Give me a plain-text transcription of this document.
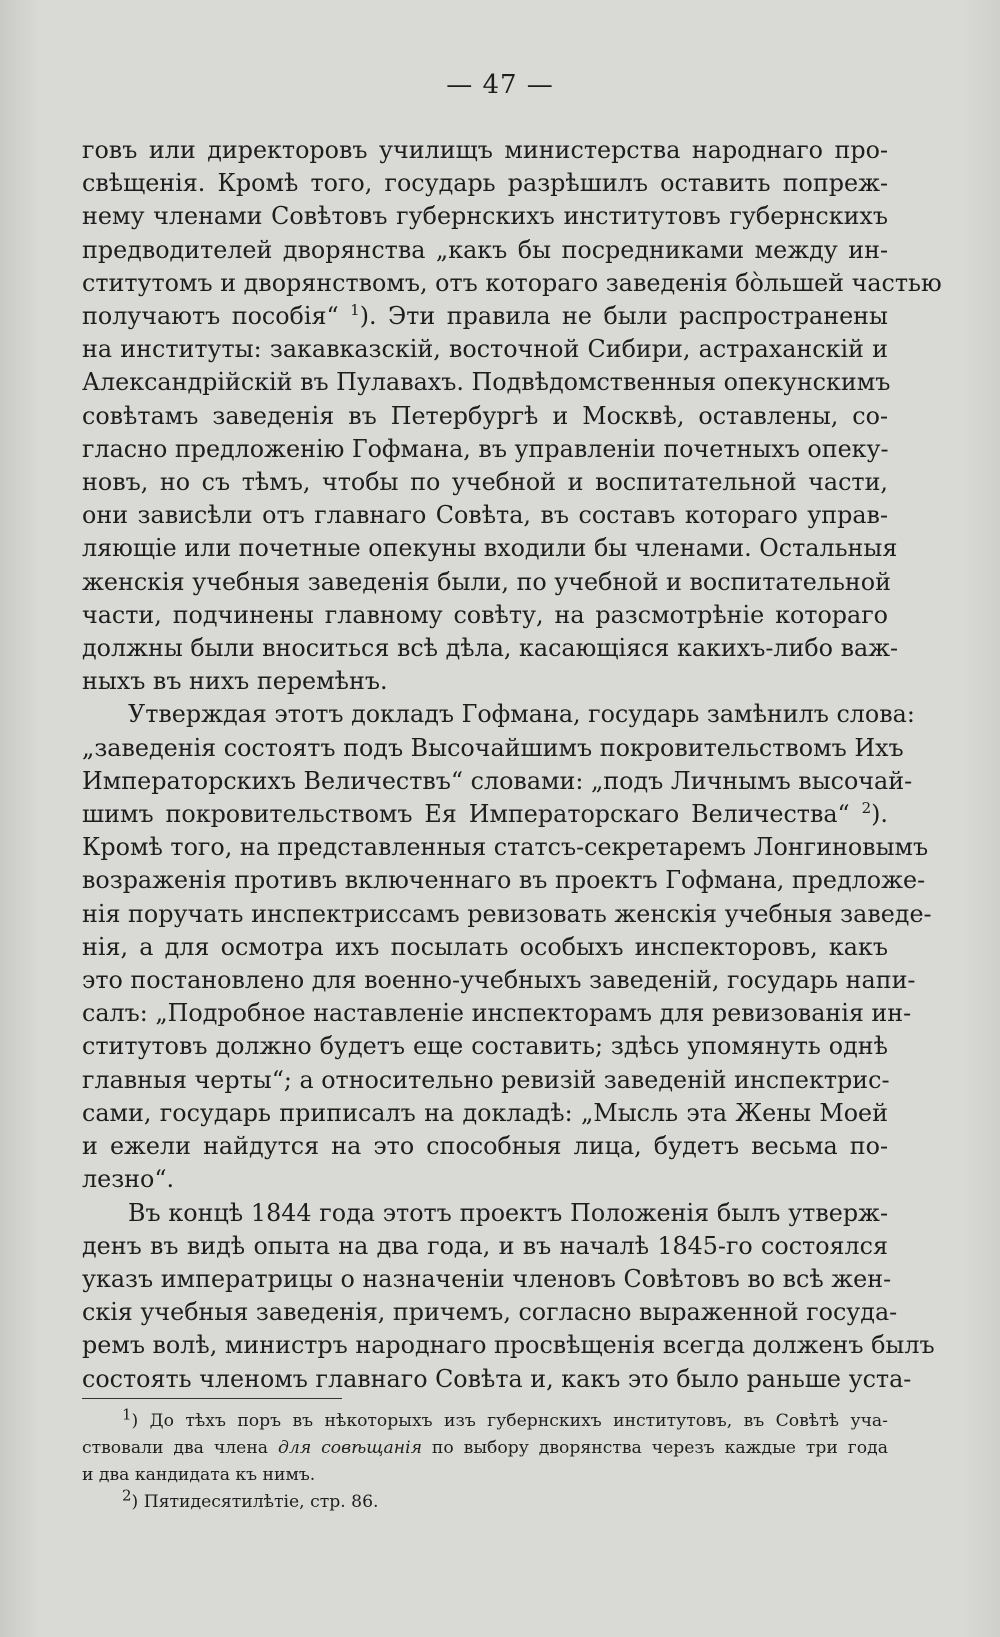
— 47 —
говъ или директоровъ училищъ министерства народнаго про-
свѣщенія. Кромѣ того, государь разрѣшилъ оставить попреж-
нему членами Совѣтовъ губернскихъ институтовъ губернскихъ
предводителей дворянства „какъ бы посредниками между ин-
ститутомъ и дворянствомъ, отъ котораго заведенія бо̀льшей частью
получаютъ пособія“ $^1$). Эти правила не были распространены
на институты: закавказскій, восточной Сибири, астраханскій и
Александрійскій въ Пулавахъ. Подвѣдомственныя опекунскимъ
совѣтамъ заведенія въ Петербургѣ и Москвѣ, оставлены, со-
гласно предложенію Гофмана, въ управленіи почетныхъ опеку-
новъ, но съ тѣмъ, чтобы по учебной и воспитательной части,
они зависѣли отъ главнаго Совѣта, въ составъ котораго управ-
ляющіе или почетные опекуны входили бы членами. Остальныя
женскія учебныя заведенія были, по учебной и воспитательной
части, подчинены главному совѣту, на разсмотрѣніе котораго
должны были вноситься всѣ дѣла, касающіяся какихъ-либо важ-
ныхъ въ нихъ перемѣнъ.
Утверждая этотъ докладъ Гофмана, государь замѣнилъ слова:
„заведенія состоятъ подъ Высочайшимъ покровительствомъ Ихъ
Императорскихъ Величествъ“ словами: „подъ Личнымъ высочай-
шимъ покровительствомъ Ея Императорскаго Величества“ $^2$).
Кромѣ того, на представленныя статсъ-секретаремъ Лонгиновымъ
возраженія противъ включеннаго въ проектъ Гофмана, предложе-
нія поручать инспектриссамъ ревизовать женскія учебныя заведе-
нія, а для осмотра ихъ посылать особыхъ инспекторовъ, какъ
это постановлено для военно-учебныхъ заведеній, государь напи-
салъ: „Подробное наставленіе инспекторамъ для ревизованія ин-
ститутовъ должно будетъ еще составить; здѣсь упомянуть однѣ
главныя черты“; а относительно ревизій заведеній инспектрис-
сами, государь приписалъ на докладѣ: „Мысль эта Жены Моей
и ежели найдутся на это способныя лица, будетъ весьма по-
лезно“.
Въ концѣ 1844 года этотъ проектъ Положенія былъ утверж-
денъ въ видѣ опыта на два года, и въ началѣ 1845-го состоялся
указъ императрицы о назначеніи членовъ Совѣтовъ во всѣ жен-
скія учебныя заведенія, причемъ, согласно выраженной госуда-
ремъ волѣ, министръ народнаго просвѣщенія всегда долженъ былъ
состоять членомъ главнаго Совѣта и, какъ это было раньше уста-
1) До тѣхъ поръ въ нѣкоторыхъ изъ губернскихъ институтовъ, въ Совѣтѣ уча-
ствовали два члена для совѣщанія по выбору дворянства черезъ каждые три года
и два кандидата къ нимъ.
2) Пятидесятилѣтіе, стр. 86.
